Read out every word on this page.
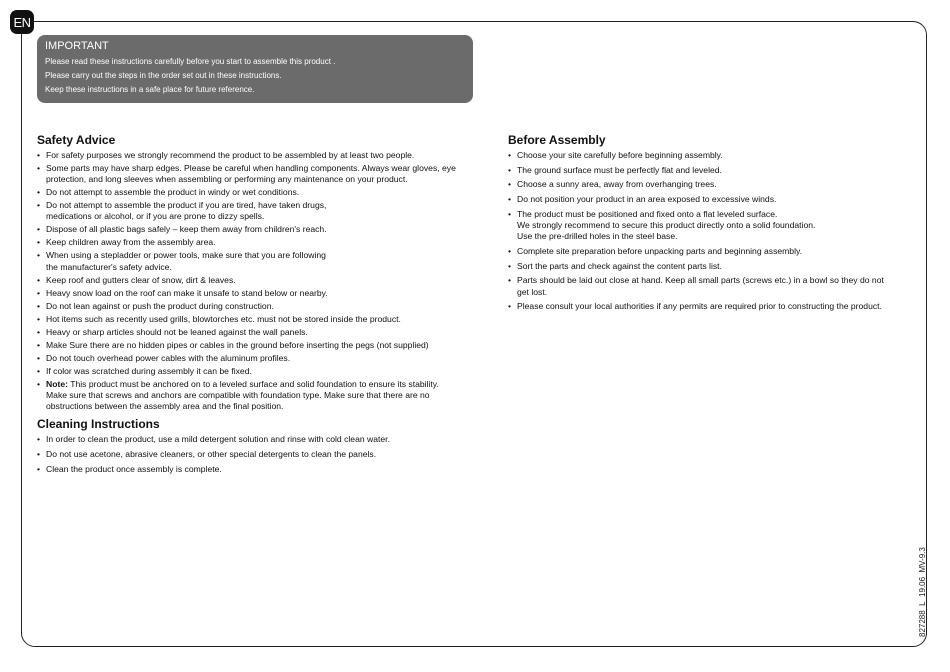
EN
IMPORTANT
Please read these instructions carefully before you start to assemble this product .
Please carry out the steps in the order set out in these instructions.
Keep these instructions in a safe place for future reference.
Safety Advice
• For safety purposes we strongly recommend the product to be assembled by at least two people.
• Some parts may have sharp edges. Please be careful when handling components. Always wear gloves, eye protection, and long sleeves when assembling or performing any maintenance on your product.
• Do not attempt to assemble the product in windy or wet conditions.
• Do not attempt to assemble the product if you are tired, have taken drugs,
medications or alcohol, or if you are prone to dizzy spells.
• Dispose of all plastic bags safely – keep them away from children's reach.
• Keep children away from the assembly area.
• When using a stepladder or power tools, make sure that you are following
the manufacturer's safety advice.
• Keep roof and gutters clear of snow, dirt & leaves.
• Heavy snow load on the roof can make it unsafe to stand below or nearby.
• Do not lean against or push the product during construction.
• Hot items such as recently used grills, blowtorches etc. must not be stored inside the product.
• Heavy or sharp articles should not be leaned against the wall panels.
• Make Sure there are no hidden pipes or cables in the ground before inserting the pegs (not supplied)
• Do not touch overhead power cables with the aluminum profiles.
• If color was scratched during assembly it can be fixed.
• Note: This product must be anchored on to a leveled surface and solid foundation to ensure its stability.
Make sure that screws and anchors are compatible with foundation type. Make sure that there are no obstructions between the assembly area and the final position.
Cleaning Instructions
• In order to clean the product, use a mild detergent solution and rinse with cold clean water.
• Do not use acetone, abrasive cleaners, or other special detergents to clean the panels.
• Clean the product once assembly is complete.
Before Assembly
• Choose your site carefully before beginning assembly.
• The ground surface must be perfectly flat and leveled.
• Choose a sunny area, away from overhanging trees.
• Do not position your product in an area exposed to excessive winds.
• The product must be positioned and fixed onto a flat leveled surface.
We strongly recommend to secure this product directly onto a solid foundation.
Use the pre-drilled holes in the steel base.
• Complete site preparation before unpacking parts and beginning assembly.
• Sort the parts and check against the content parts list.
• Parts should be laid out close at hand. Keep all small parts (screws etc.) in a bowl so they do not get lost.
• Please consult your local authorities if any permits are required prior to constructing the product.
827288_L_19.06_MV-9.3
